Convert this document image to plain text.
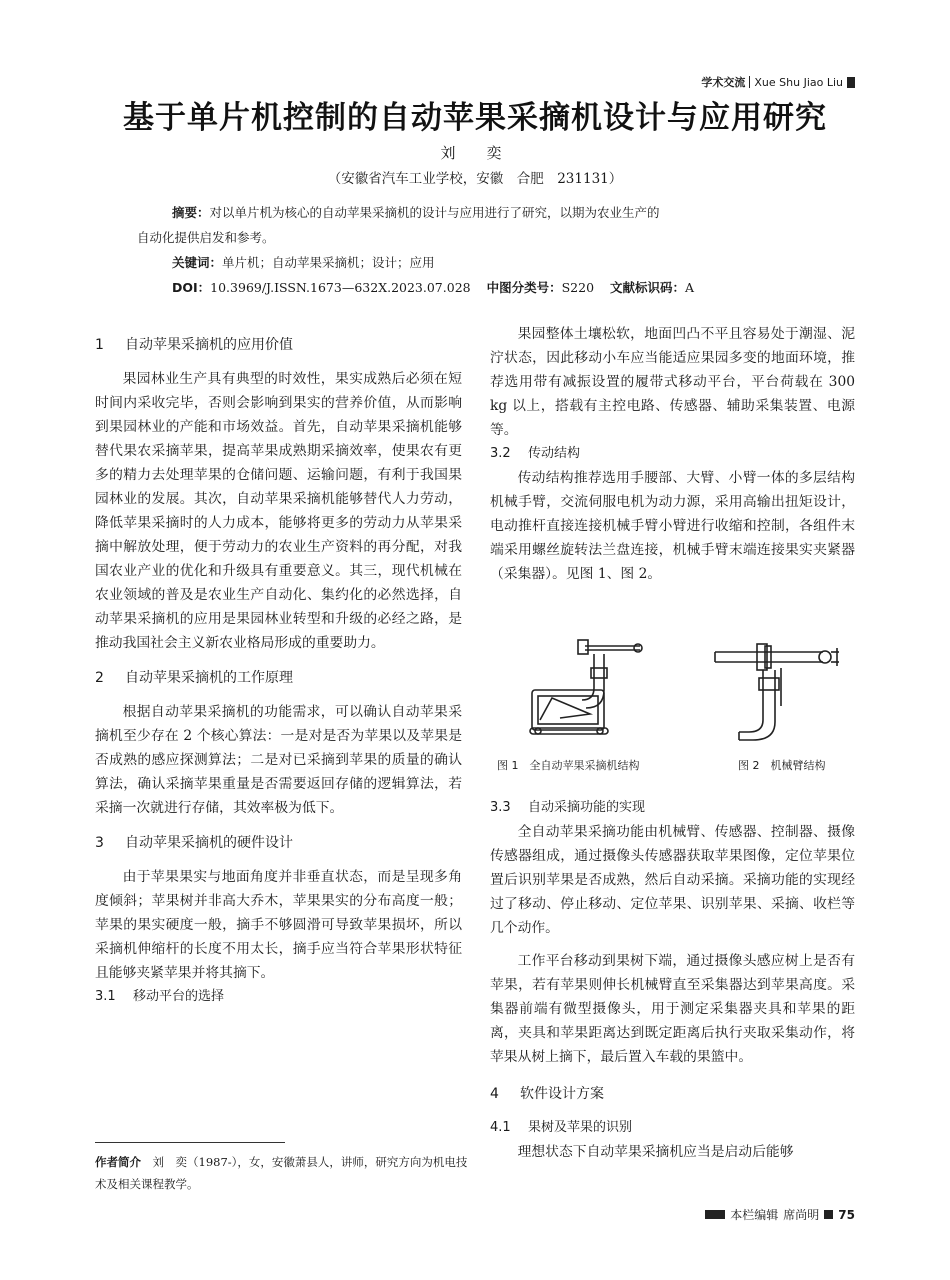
学术交流 Xue Shu Jiao Liu
基于单片机控制的自动苹果采摘机设计与应用研究
刘　奕
（安徽省汽车工业学校，安徽　合肥　231131）
摘要：对以单片机为核心的自动苹果采摘机的设计与应用进行了研究，以期为农业生产的
自动化提供启发和参考。
关键词：单片机；自动苹果采摘机；设计；应用
DOI：10.3969/J.ISSN.1673—632X.2023.07.028 中图分类号：S220 文献标识码：A
1 自动苹果采摘机的应用价值

果园林业生产具有典型的时效性，果实成熟后必须在短时间内采收完毕，否则会影响到果实的营养价值，从而影响到果园林业的产能和市场效益。首先，自动苹果采摘机能够替代果农采摘苹果，提高苹果成熟期采摘效率，使果农有更多的精力去处理苹果的仓储问题、运输问题，有利于我国果园林业的发展。其次，自动苹果采摘机能够替代人力劳动，降低苹果采摘时的人力成本，能够将更多的劳动力从苹果采摘中解放处理，便于劳动力的农业生产资料的再分配，对我国农业产业的优化和升级具有重要意义。其三，现代机械在农业领域的普及是农业生产自动化、集约化的必然选择，自动苹果采摘机的应用是果园林业转型和升级的必经之路，是推动我国社会主义新农业格局形成的重要助力。

2 自动苹果采摘机的工作原理

根据自动苹果采摘机的功能需求，可以确认自动苹果采摘机至少存在 2 个核心算法：一是对是否为苹果以及苹果是否成熟的感应探测算法；二是对已采摘到苹果的质量的确认算法，确认采摘苹果重量是否需要返回存储的逻辑算法，若采摘一次就进行存储，其效率极为低下。

3 自动苹果采摘机的硬件设计

由于苹果果实与地面角度并非垂直状态，而是呈现多角度倾斜；苹果树并非高大乔木，苹果果实的分布高度一般；苹果的果实硬度一般，摘手不够圆滑可导致苹果损坏，所以采摘机伸缩杆的长度不用太长，摘手应当符合苹果形状特征且能够夹紧苹果并将其摘下。

3.1 移动平台的选择
作者简介　 刘　奕（1987-），女，安徽萧县人，讲师，研究方向为机电技术及相关课程教学。

果园整体土壤松软，地面凹凸不平且容易处于潮湿、泥泞状态，因此移动小车应当能适应果园多变的地面环境，推荐选用带有减振设置的履带式移动平台，平台荷载在 300 kg 以上，搭载有主控电路、传感器、辅助采集装置、电源等。

3.2 传动结构

传动结构推荐选用手腰部、大臂、小臂一体的多层结构机械手臂，交流伺服电机为动力源，采用高输出扭矩设计，电动推杆直接连接机械手臂小臂进行收缩和控制，各组件末端采用螺丝旋转法兰盘连接，机械手臂末端连接果实夹紧器（采集器）。见图 1、图 2。

图 1　全自动苹果采摘机结构	图 2　机械臂结构
3.3 自动采摘功能的实现

全自动苹果采摘功能由机械臂、传感器、控制器、摄像传感器组成，通过摄像头传感器获取苹果图像，定位苹果位置后识别苹果是否成熟，然后自动采摘。采摘功能的实现经过了移动、停止移动、定位苹果、识别苹果、采摘、收栏等几个动作。

工作平台移动到果树下端，通过摄像头感应树上是否有苹果，若有苹果则伸长机械臂直至采集器达到苹果高度。采集器前端有微型摄像头，用于测定采集器夹具和苹果的距离，夹具和苹果距离达到既定距离后执行夹取采集动作，将苹果从树上摘下，最后置入车载的果篮中。

4 软件设计方案
4.1 果树及苹果的识别

理想状态下自动苹果采摘机应当是启动后能够

本栏编辑 席尚明 75
